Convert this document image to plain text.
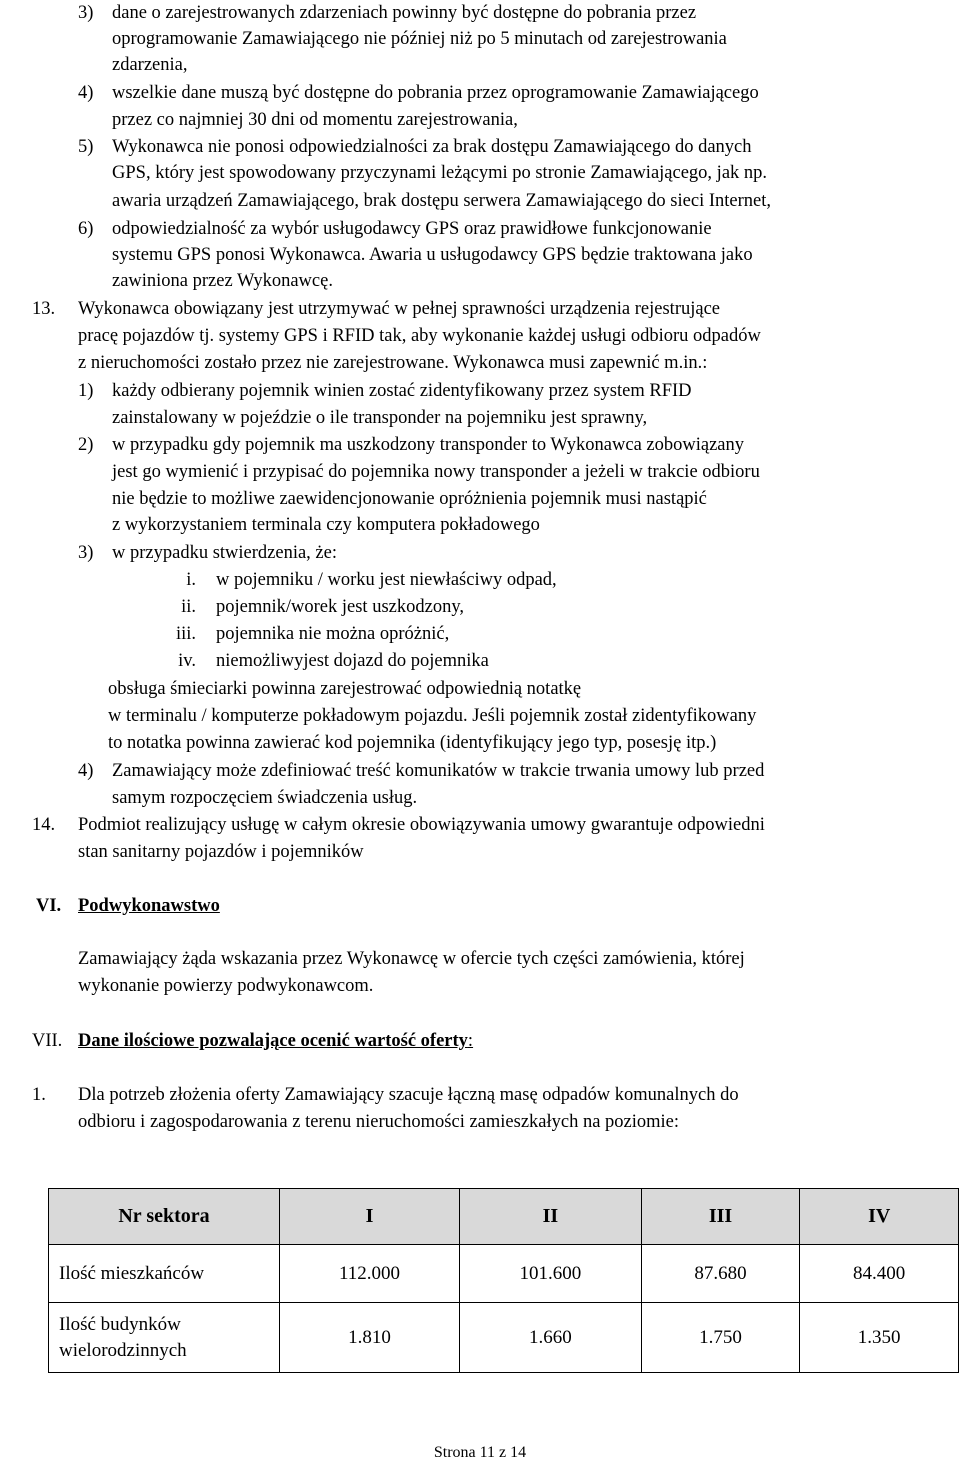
3) dane o zarejestrowanych zdarzeniach powinny być dostępne do pobrania przez
oprogramowanie Zamawiającego nie później niż po 5 minutach od zarejestrowania
zdarzenia,
4) wszelkie dane muszą być dostępne do pobrania przez oprogramowanie Zamawiającego
przez co najmniej 30 dni od momentu zarejestrowania,
5) Wykonawca nie ponosi odpowiedzialności za brak dostępu Zamawiającego do danych
GPS, który jest spowodowany przyczynami leżącymi po stronie Zamawiającego, jak np.
awaria urządzeń Zamawiającego, brak dostępu serwera Zamawiającego do sieci Internet,
6) odpowiedzialność za wybór usługodawcy GPS oraz prawidłowe funkcjonowanie
systemu GPS ponosi Wykonawca. Awaria u usługodawcy GPS będzie traktowana jako
zawiniona przez Wykonawcę.
13. Wykonawca obowiązany jest utrzymywać w pełnej sprawności urządzenia rejestrujące
pracę pojazdów tj. systemy GPS i RFID tak, aby wykonanie każdej usługi odbioru odpadów
z nieruchomości zostało przez nie zarejestrowane. Wykonawca musi zapewnić m.in.:
1) każdy odbierany pojemnik winien zostać zidentyfikowany przez system RFID
zainstalowany w pojeździe o ile transponder na pojemniku jest sprawny,
2) w przypadku gdy pojemnik ma uszkodzony transponder to Wykonawca zobowiązany
jest go wymienić i przypisać do pojemnika nowy transponder a jeżeli w trakcie odbioru
nie będzie to możliwe zaewidencjonowanie opróżnienia pojemnik musi nastąpić
z wykorzystaniem terminala czy komputera pokładowego
3) w przypadku stwierdzenia, że:
i. w pojemniku / worku jest niewłaściwy odpad,
ii. pojemnik/worek jest uszkodzony,
iii. pojemnika nie można opróżnić,
iv. niemożliwyjest dojazd do pojemnika
obsługa śmieciarki powinna zarejestrować odpowiednią notatkę
w terminalu / komputerze pokładowym pojazdu. Jeśli pojemnik został zidentyfikowany
to notatka powinna zawierać kod pojemnika (identyfikujący jego typ, posesję itp.)
4) Zamawiający może zdefiniować treść komunikatów w trakcie trwania umowy lub przed
samym rozpoczęciem świadczenia usług.
14. Podmiot realizujący usługę w całym okresie obowiązywania umowy gwarantuje odpowiedni
stan sanitarny pojazdów i pojemników
VI. Podwykonawstwo
Zamawiający żąda wskazania przez Wykonawcę w ofercie tych części zamówienia, której
wykonanie powierzy podwykonawcom.
VII. Dane ilościowe pozwalające ocenić wartość oferty:
1. Dla potrzeb złożenia oferty Zamawiający szacuje łączną masę odpadów komunalnych do
odbioru i zagospodarowania z terenu nieruchomości zamieszkałych na poziomie:
Nr sektora	I	II	III	IV
Ilość mieszkańców	112.000	101.600	87.680	84.400
Ilość budynków
wielorodzinnych	1.810	1.660	1.750	1.350
Strona 11 z 14
